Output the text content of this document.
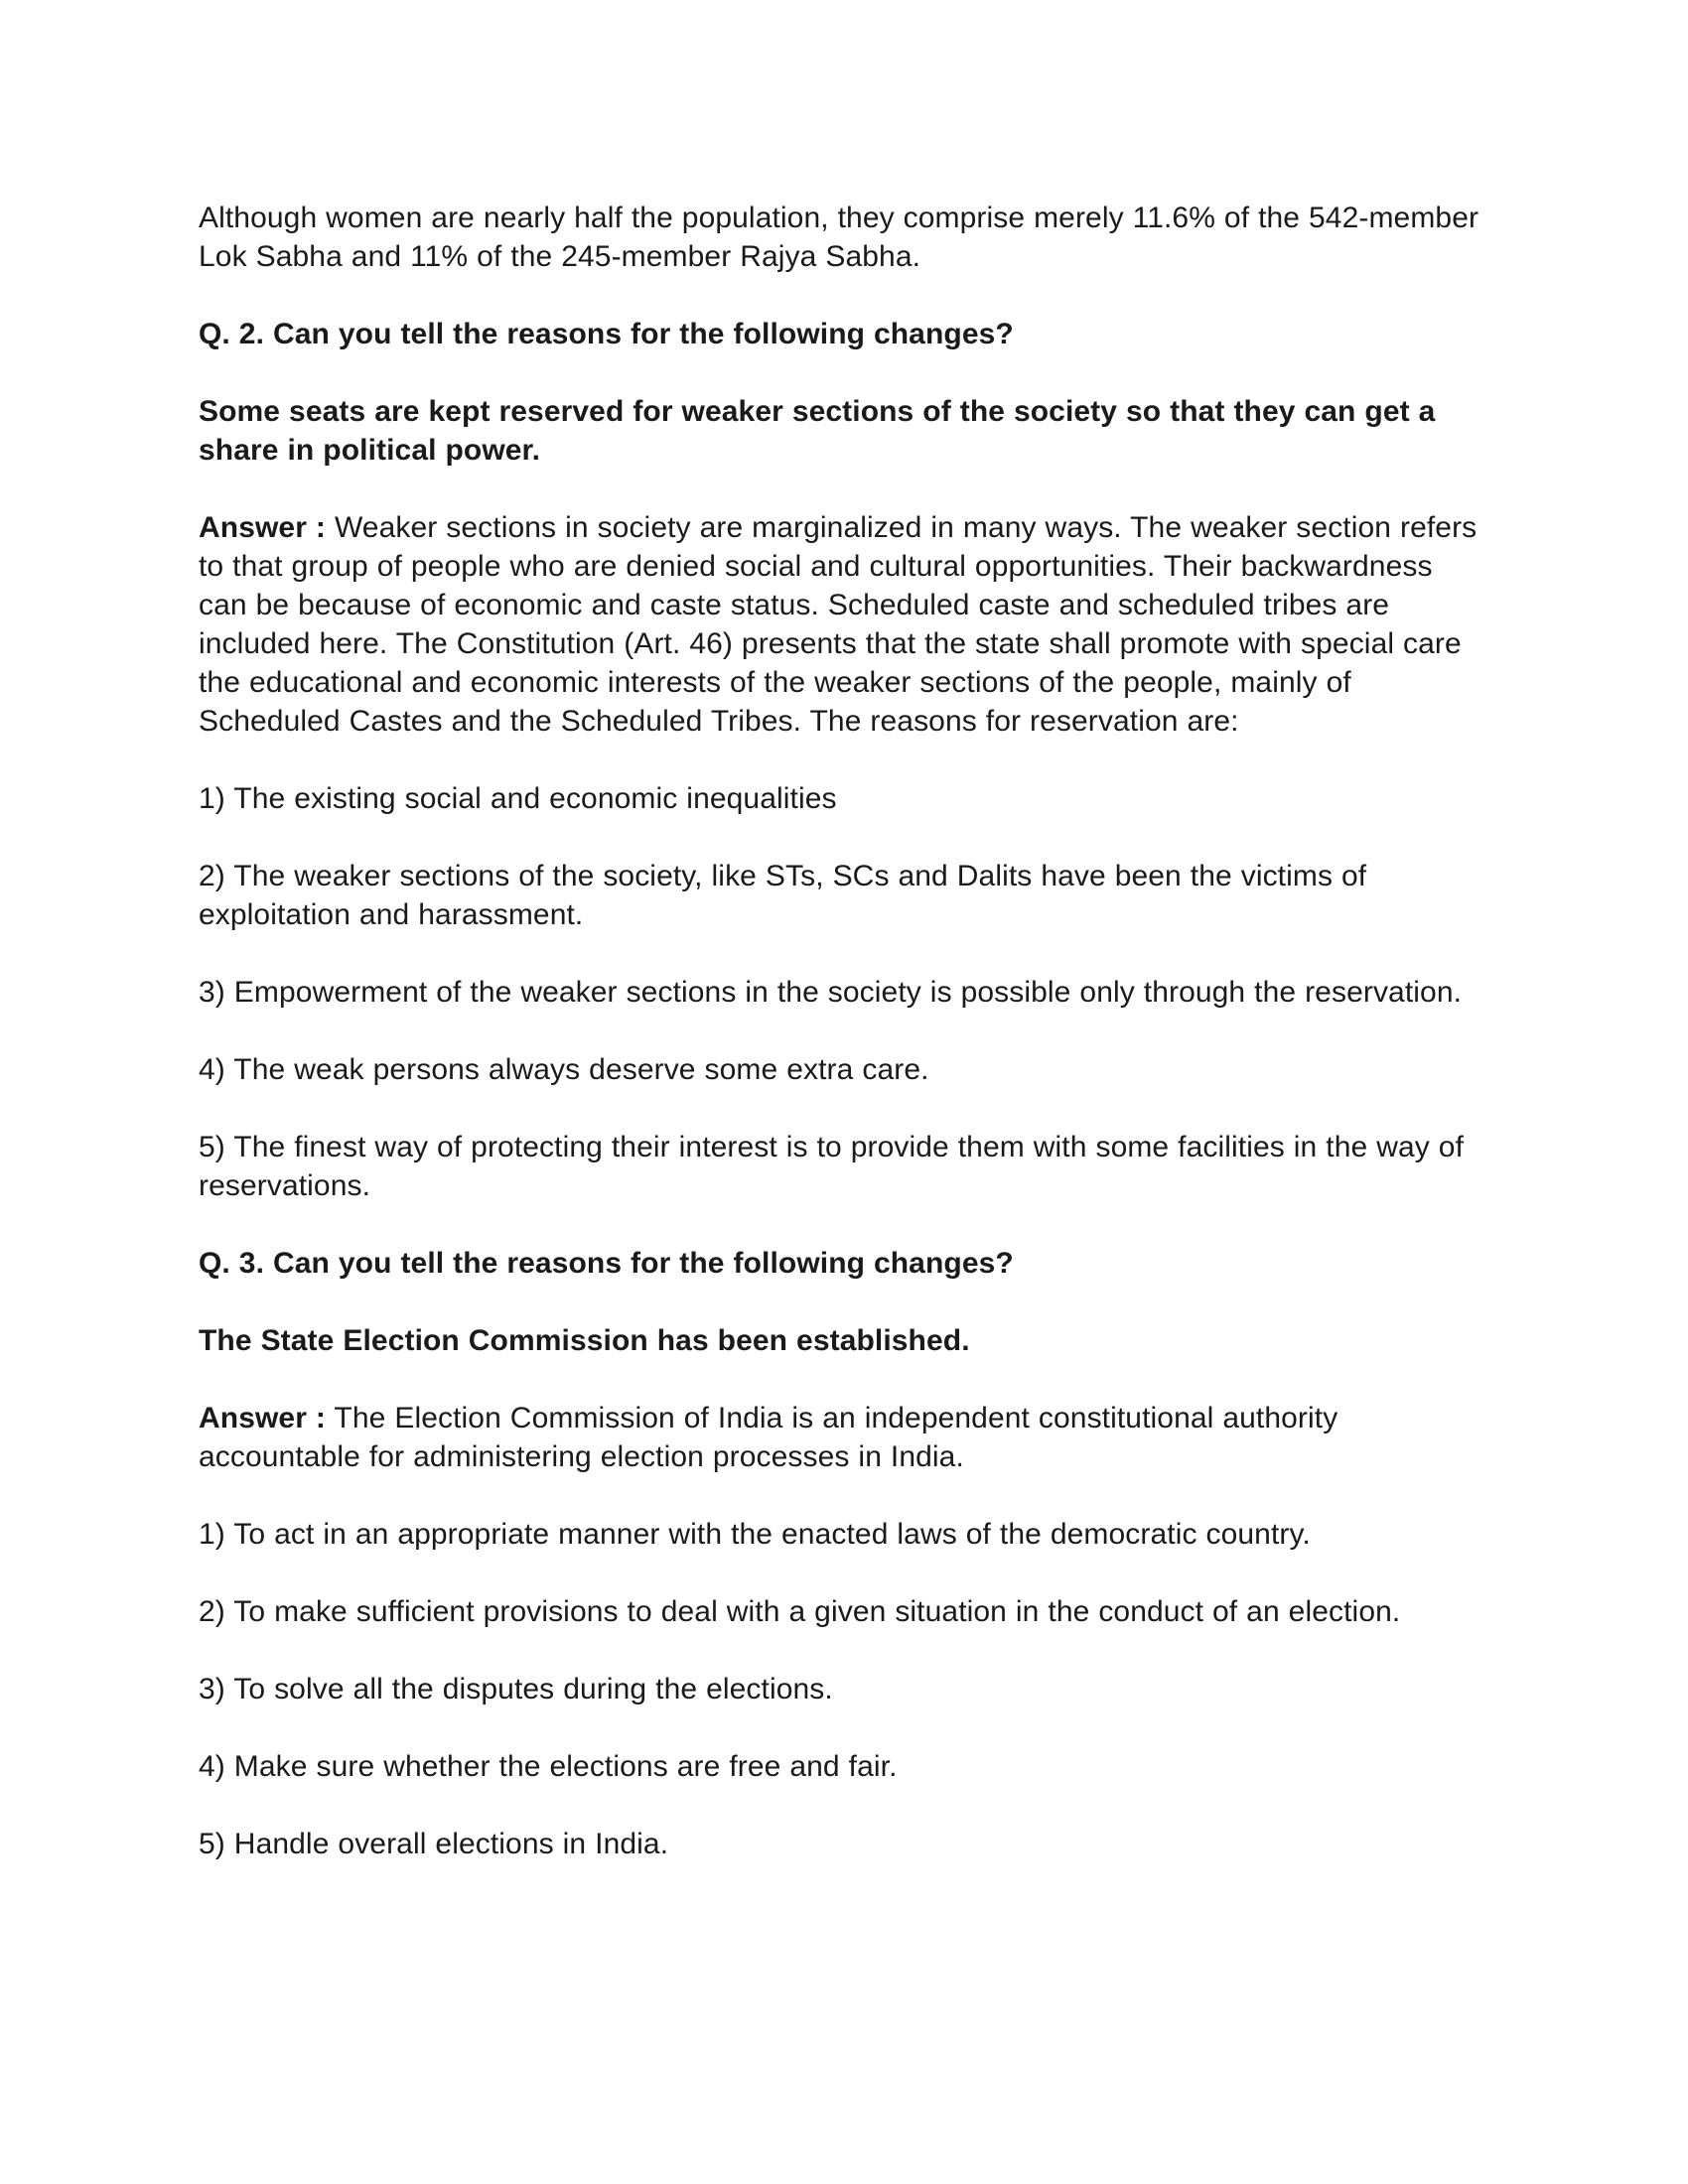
Although women are nearly half the population, they comprise merely 11.6% of the 542-member Lok Sabha and 11% of the 245-member Rajya Sabha.

Q. 2. Can you tell the reasons for the following changes?

Some seats are kept reserved for weaker sections of the society so that they can get a share in political power.

Answer : Weaker sections in society are marginalized in many ways. The weaker section refers to that group of people who are denied social and cultural opportunities. Their backwardness can be because of economic and caste status. Scheduled caste and scheduled tribes are included here. The Constitution (Art. 46) presents that the state shall promote with special care the educational and economic interests of the weaker sections of the people, mainly of Scheduled Castes and the Scheduled Tribes. The reasons for reservation are:

1) The existing social and economic inequalities

2) The weaker sections of the society, like STs, SCs and Dalits have been the victims of exploitation and harassment.

3) Empowerment of the weaker sections in the society is possible only through the reservation.

4) The weak persons always deserve some extra care.

5) The finest way of protecting their interest is to provide them with some facilities in the way of reservations.

Q. 3. Can you tell the reasons for the following changes?

The State Election Commission has been established.

Answer : The Election Commission of India is an independent constitutional authority accountable for administering election processes in India.

1) To act in an appropriate manner with the enacted laws of the democratic country.

2) To make sufficient provisions to deal with a given situation in the conduct of an election.

3) To solve all the disputes during the elections.

4) Make sure whether the elections are free and fair.

5) Handle overall elections in India.
